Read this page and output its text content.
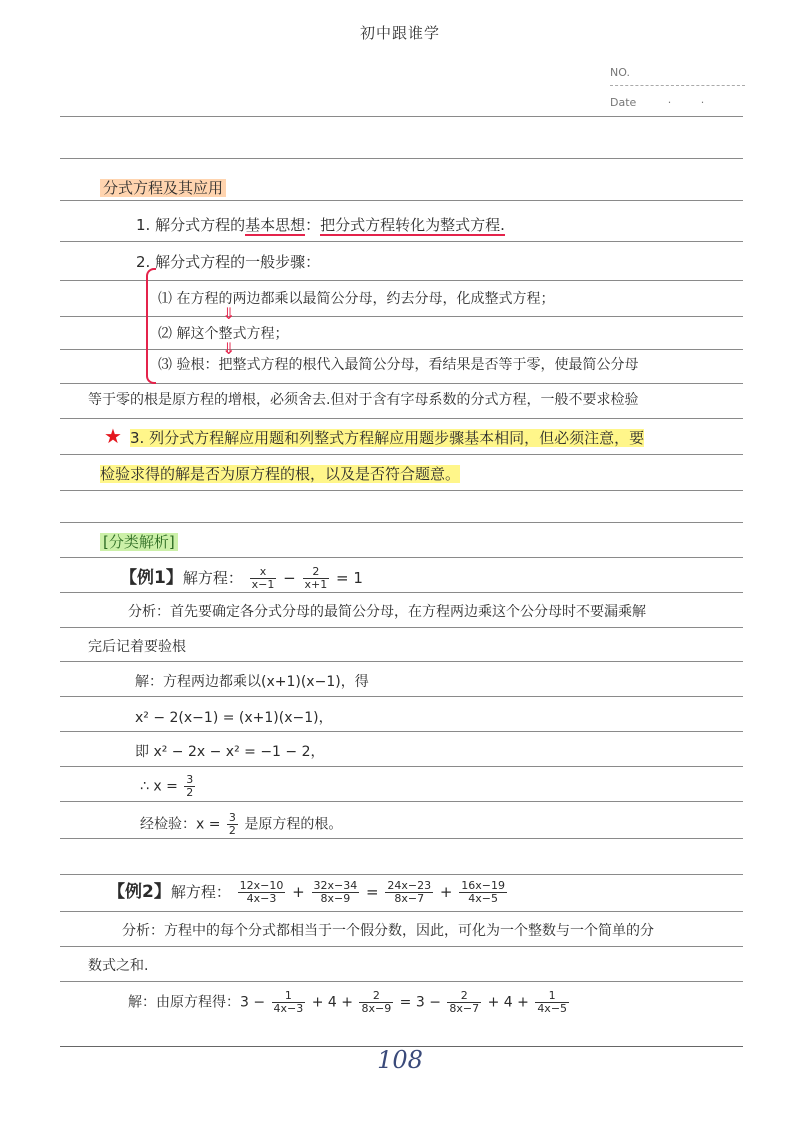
初中跟谁学
NO.
Date	·	·
分式方程及其应用
1. 解分式方程的基本思想：把分式方程转化为整式方程.
2. 解分式方程的一般步骤：
⑴ 在方程的两边都乘以最简公分母，约去分母，化成整式方程；
⇓
⑵ 解这个整式方程；
⇓
⑶ 验根：把整式方程的根代入最简公分母，看结果是否等于零，使最简公分母
等于零的根是原方程的增根，必须舍去.但对于含有字母系数的分式方程，一般不要求检验
★ 3. 列分式方程解应用题和列整式方程解应用题步骤基本相同，但必须注意，要
检验求得的解是否为原方程的根，以及是否符合题意。
[分类解析]
【例1】解方程： $\frac{x}{x-1} - \frac{2}{x+1} = 1$
分析：首先要确定各分式分母的最简公分母，在方程两边乘这个公分母时不要漏乘解
完后记着要验根
解：方程两边都乘以(x+1)(x−1)，得
x² − 2(x−1) = (x+1)(x−1)，
即 x² − 2x − x² = −1 − 2，
∴ $x = \frac{3}{2}$
经检验：$x = \frac{3}{2}$ 是原方程的根。
【例2】解方程： $\frac{12x-10}{4x-3} + \frac{32x-34}{8x-9} = \frac{24x-23}{8x-7} + \frac{16x-19}{4x-5}$
分析：方程中的每个分式都相当于一个假分数，因此，可化为一个整数与一个简单的分
数式之和.
解：由原方程得：$3 - \frac{1}{4x-3} + 4 + \frac{2}{8x-9} = 3 - \frac{2}{8x-7} + 4 + \frac{1}{4x-5}$
108
